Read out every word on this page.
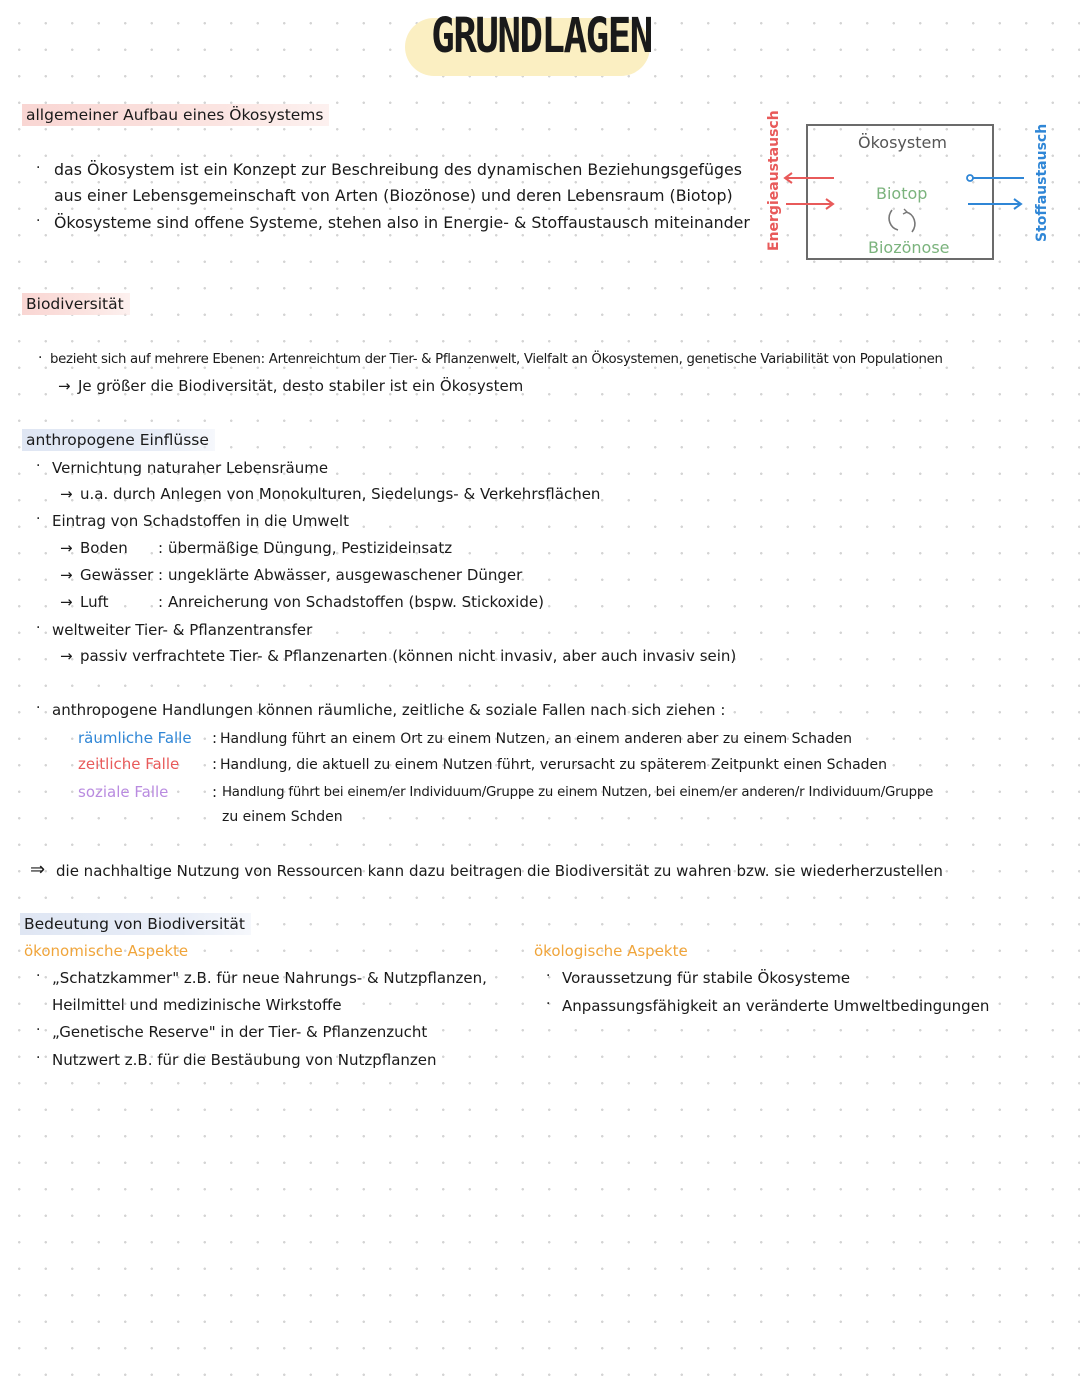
GRUNDLAGEN
allgemeiner Aufbau eines Ökosystems
· das Ökosystem ist ein Konzept zur Beschreibung des dynamischen Beziehungsgefüges
aus einer Lebensgemeinschaft von Arten (Biozönose) und deren Lebensraum (Biotop)
· Ökosysteme sind offene Systeme, stehen also in Energie- & Stoffaustausch miteinander
Ökosystem
Biotop
Biozönose
Energieaustausch	Stoffaustausch
Biodiversität
· bezieht sich auf mehrere Ebenen: Artenreichtum der Tier- & Pflanzenwelt, Vielfalt an Ökosystemen, genetische Variabilität von Populationen
→ Je größer die Biodiversität, desto stabiler ist ein Ökosystem
anthropogene Einflüsse
· Vernichtung naturaher Lebensräume
→ u.a. durch Anlegen von Monokulturen, Siedelungs- & Verkehrsflächen
· Eintrag von Schadstoffen in die Umwelt
→ Boden : übermäßige Düngung, Pestizideinsatz
→ Gewässer : ungeklärte Abwässer, ausgewaschener Dünger
→ Luft	: Anreicherung von Schadstoffen (bspw. Stickoxide)
· weltweiter Tier- & Pflanzentransfer
→ passiv verfrachtete Tier- & Pflanzenarten (können nicht invasiv, aber auch invasiv sein)
· anthropogene Handlungen können räumliche, zeitliche & soziale Fallen nach sich ziehen :
räumliche Falle : Handlung führt an einem Ort zu einem Nutzen, an einem anderen aber zu einem Schaden
zeitliche Falle : Handlung, die aktuell zu einem Nutzen führt, verursacht zu späterem Zeitpunkt einen Schaden
soziale Falle	: Handlung führt bei einem/er Individuum/Gruppe zu einem Nutzen, bei einem/er anderen/r Individuum/Gruppe
zu einem Schden
⇒ die nachhaltige Nutzung von Ressourcen kann dazu beitragen die Biodiversität zu wahren bzw. sie wiederherzustellen
Bedeutung von Biodiversität
ökonomische Aspekte
· „Schatzkammer" z.B. für neue Nahrungs- & Nutzpflanzen,
Heilmittel und medizinische Wirkstoffe
· „Genetische Reserve" in der Tier- & Pflanzenzucht
· Nutzwert z.B. für die Bestäubung von Nutzpflanzen
ökologische Aspekte
· Voraussetzung für stabile Ökosysteme
· Anpassungsfähigkeit an veränderte Umweltbedingungen
